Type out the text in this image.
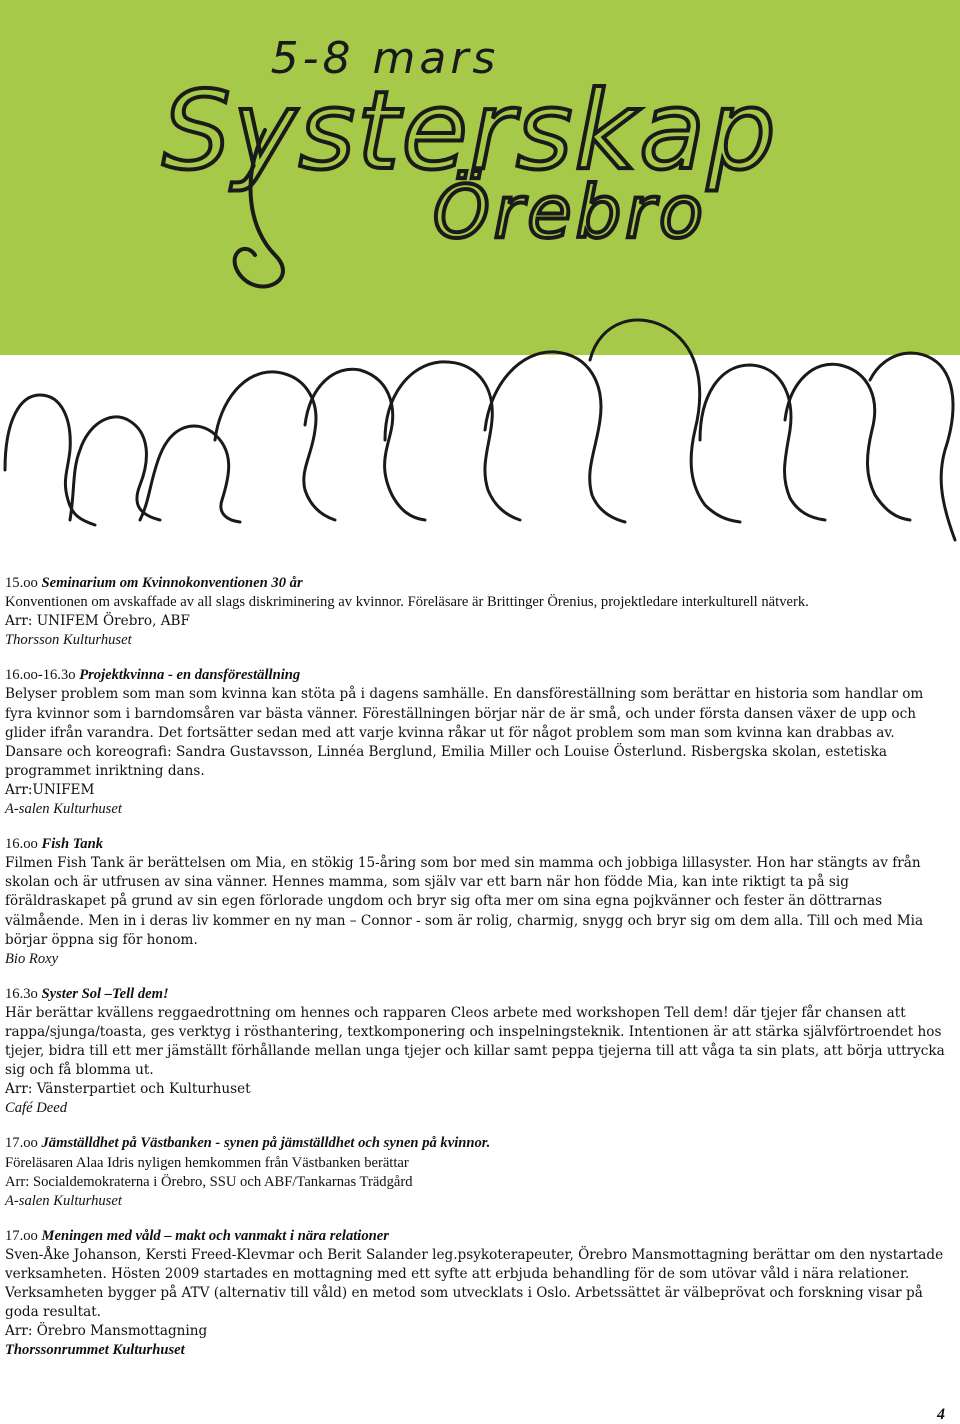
5-8 mars
Systerskap
Örebro

15.oo Seminarium om Kvinnokonventionen 30 år

Konventionen om avskaffade av all slags diskriminering av kvinnor. Föreläsare är Brittinger Örenius, projektledare interkulturell nätverk.

Arr: UNIFEM Örebro, ABF

Thorsson Kulturhuset

16.oo-16.3o Projektkvinna - en dansföreställning

Belyser problem som man som kvinna kan stöta på i dagens samhälle. En dansföreställning som berättar en historia som handlar om fyra kvinnor som i barndomsåren var bästa vänner. Föreställningen börjar när de är små, och under första dansen växer de upp och glider ifrån varandra. Det fortsätter sedan med att varje kvinna råkar ut för något problem som man som kvinna kan drabbas av. Dansare och koreografi: Sandra Gustavsson, Linnéa Berglund, Emilia Miller och Louise Österlund. Risbergska skolan, estetiska programmet inriktning dans.

Arr:UNIFEM

A-salen Kulturhuset

16.oo Fish Tank

Filmen Fish Tank är berättelsen om Mia, en stökig 15-åring som bor med sin mamma och jobbiga lillasyster. Hon har stängts av från skolan och är utfrusen av sina vänner. Hennes mamma, som själv var ett barn när hon födde Mia, kan inte riktigt ta på sig föräldraskapet på grund av sin egen förlorade ungdom och bryr sig ofta mer om sina egna pojkvänner och fester än döttrarnas välmående. Men in i deras liv kommer en ny man – Connor - som är rolig, charmig, snygg och bryr sig om dem alla. Till och med Mia börjar öppna sig för honom.

Bio Roxy

16.3o Syster Sol –Tell dem!

Här berättar kvällens reggaedrottning om hennes och rapparen Cleos arbete med workshopen Tell dem! där tjejer får chansen att rappa/sjunga/toasta, ges verktyg i rösthantering, textkomponering och inspelningsteknik. Intentionen är att stärka självförtroendet hos tjejer, bidra till ett mer jämställt förhållande mellan unga tjejer och killar samt peppa tjejerna till att våga ta sin plats, att börja uttrycka sig och få blomma ut.

Arr: Vänsterpartiet och Kulturhuset

Café Deed

17.oo Jämställdhet på Västbanken - synen på jämställdhet och synen på kvinnor.

Föreläsaren Alaa Idris nyligen hemkommen från Västbanken berättar

Arr: Socialdemokraterna i Örebro, SSU och ABF/Tankarnas Trädgård

A-salen Kulturhuset

17.oo Meningen med våld – makt och vanmakt i nära relationer

Sven-Åke Johanson, Kersti Freed-Klevmar och Berit Salander leg.psykoterapeuter, Örebro Mansmottagning berättar om den nystartade verksamheten. Hösten 2009 startades en mottagning med ett syfte att erbjuda behandling för de som utövar våld i nära relationer. Verksamheten bygger på ATV (alternativ till våld) en metod som utvecklats i Oslo. Arbetssättet är välbeprövat och forskning visar på goda resultat.

Arr: Örebro Mansmottagning

Thorssonrummet Kulturhuset

4
